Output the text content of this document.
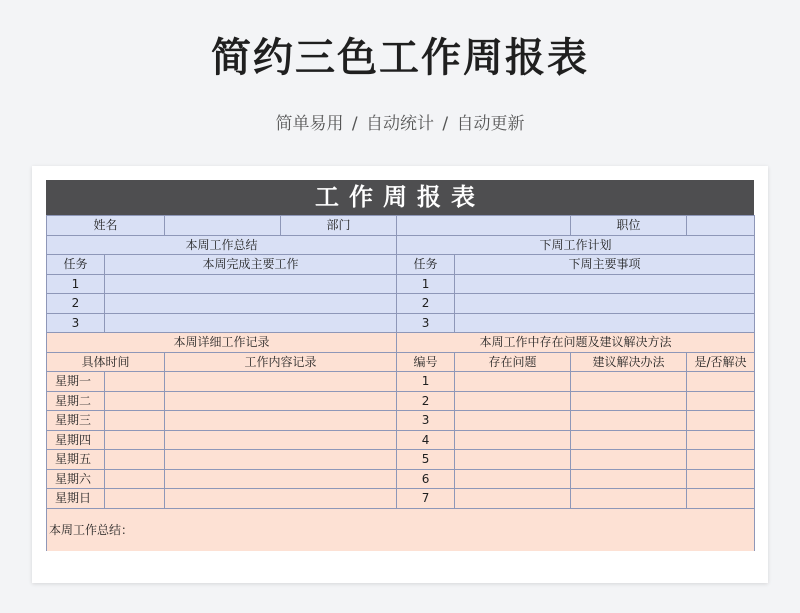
简约三色工作周报表
简单易用 / 自动统计 / 自动更新
工作周报表
姓名			部门			职位	
本周工作总结				下周工作计划			
任务	本周完成主要工作			任务	下周主要事项		
1				1			
2				2			
3				3			
本周详细工作记录				本周工作中存在问题及建议解决方法			
具体时间		工作内容记录		编号	存在问题	建议解决办法	是/否解决
星期一				1			
星期二				2			
星期三				3			
星期四				4			
星期五				5			
星期六				6			
星期日				7			
本周工作总结：							
